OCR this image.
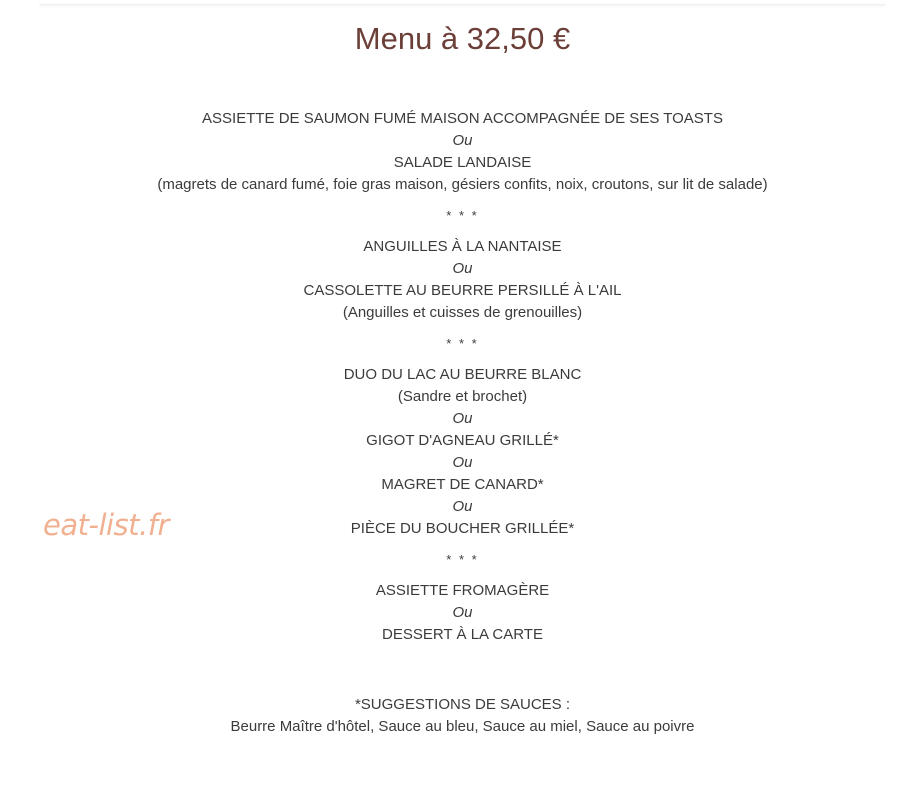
Menu à 32,50 €
ASSIETTE DE SAUMON FUMÉ MAISON ACCOMPAGNÉE DE SES TOASTS
Ou
SALADE LANDAISE
(magrets de canard fumé, foie gras maison, gésiers confits, noix, croutons, sur lit de salade)
* * *
ANGUILLES À LA NANTAISE
Ou
CASSOLETTE AU BEURRE PERSILLÉ À L'AIL
(Anguilles et cuisses de grenouilles)
* * *
DUO DU LAC AU BEURRE BLANC
(Sandre et brochet)
Ou
GIGOT D'AGNEAU GRILLÉ*
Ou
MAGRET DE CANARD*
Ou
PIÈCE DU BOUCHER GRILLÉE*
* * *
ASSIETTE FROMAGÈRE
Ou
DESSERT À LA CARTE
*SUGGESTIONS DE SAUCES :
Beurre Maître d'hôtel, Sauce au bleu, Sauce au miel, Sauce au poivre
eat-list.fr
